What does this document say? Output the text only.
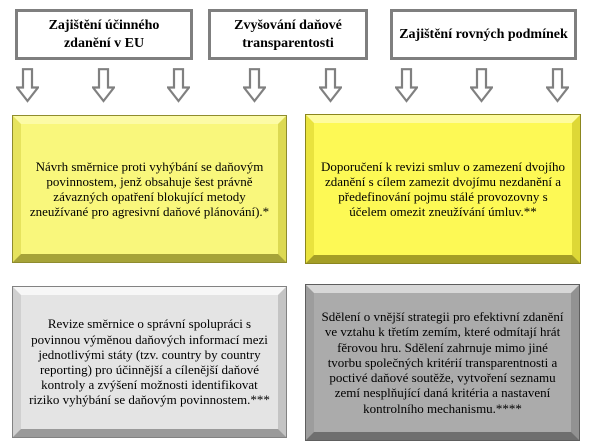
Zajištění účinného zdanění v EU
Zvyšování daňové transparentosti
Zajištění rovných podmínek
Návrh směrnice proti vyhýbání se daňovým povinnostem, jenž obsahuje šest právně závazných opatření blokující metody zneužívané pro agresivní daňové plánování).*
Doporučení k revizi smluv o zamezení dvojího zdanění s cílem zamezit dvojímu nezdanění a předefinování pojmu stálé provozovny s účelem omezit zneužívání úmluv.**
Revize směrnice o správní spolupráci s povinnou výměnou daňových informací mezi jednotlivými státy (tzv. country by country reporting) pro účinnější a cílenější daňové kontroly a zvýšení možnosti identifikovat riziko vyhýbání se daňovým povinnostem.***
Sdělení o vnější strategii pro efektivní zdanění ve vztahu k třetím zemím, které odmítají hrát fěrovou hru. Sdělení zahrnuje mimo jiné tvorbu společných kritérií transparentnosti a poctivé daňové soutěže, vytvoření seznamu zemí nesplňující daná kritéria a nastavení kontrolního mechanismu.****
